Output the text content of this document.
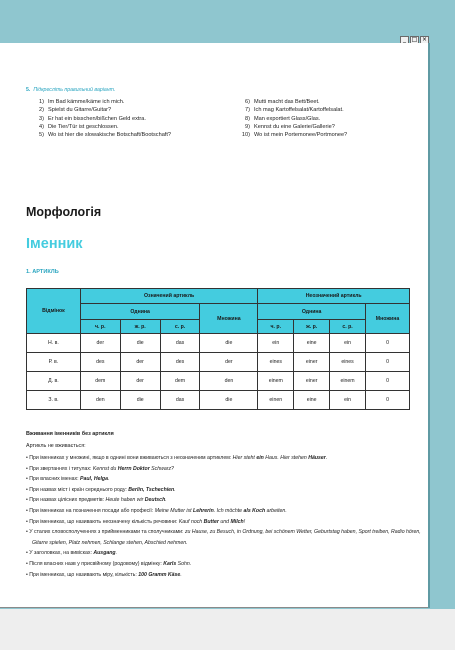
_ □ ×
5. Підкресліть правильний варіант.
1) Im Bad kämme/käme ich mich.
2) Spielst du Gitarre/Guitar?
3) Er hat ein bisschen/bißchen Geld extra.
4) Die Tier/Tür ist geschlossen.
5) Wo ist hier die slowakische Botschaft/Bootschaft?
6) Mutti macht das Bett/Beet.
7) Ich mag Kartoffelsalat/Kartoffelsalat.
8) Man exportiert Glass/Glas.
9) Kennst du eine Galerie/Gallerie?
10) Wo ist mein Portemonee/Portmonee?
Морфологія
Іменник
1. АРТИКЛЬ
Відмінок	Означений артикль				Неозначений артикль			
	Однина			Множина	Однина			Множина
	ч. р.	ж. р.	с. р.		ч. р.	ж. р.	с. р.	
Н. в.	der	die	das	die	ein	eine	ein	0
Р. в.	des	der	des	der	eines	einer	eines	0
Д. в.	dem	der	dem	den	einem	einer	einem	0
З. в.	den	die	das	die	einen	eine	ein	0
Вживання іменників без артикля
Артикль не вживається:
• При іменниках у множині, якщо в однині вони вживаються з неозначеним артиклем: Hier steht ein Haus. Hier stehen Häuser.
• При звертаннях і титулах: Kennst du Herrn Doktor Schwarz?
• При власних іменах: Paul, Helga.
• При назвах міст і країн середнього роду: Berlin, Tschechien.
• При назвах цілісних предметів: Heute haben wir Deutsch.
• При іменниках на позначення посади або професії: Meine Mutter ist Lehrerin. Ich möchte als Koch arbeiten.
• При іменниках, що називають неозначену кількість речовини: Kauf noch Butter und Milch!
• У сталих словосполученнях з прийменниками та сполучниками: zu Hause, zu Besuch, in Ordnung, bei schönem Wetter, Geburtstag haben, Sport treiben, Radio hören, Gitarre spielen, Platz nehmen, Schlange stehen, Abschied nehmen.
• У заголовках, на вивісках: Ausgang.
• Після власних назв у присвійному (родовому) відмінку: Karls Sohn.
• При іменниках, що називають міру, кількість: 100 Gramm Käse.
